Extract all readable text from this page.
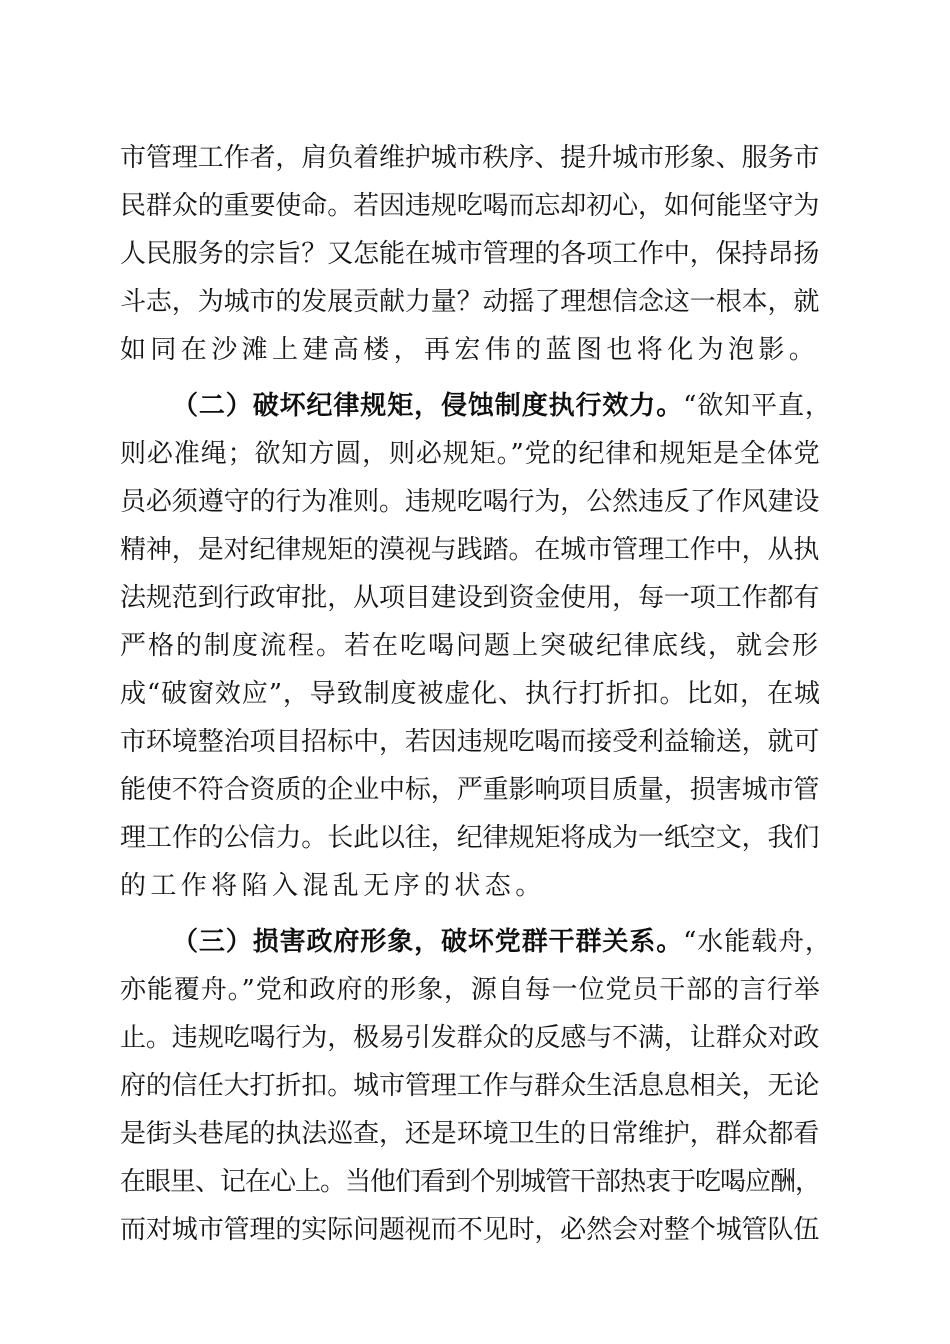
市管理工作者，肩负着维护城市秩序、提升城市形象、服务市
民群众的重要使命。若因违规吃喝而忘却初心，如何能坚守为
人民服务的宗旨？又怎能在城市管理的各项工作中，保持昂扬
斗志，为城市的发展贡献力量？动摇了理想信念这一根本，就
如同在沙滩上建高楼，再宏伟的蓝图也将化为泡影。
（二）破坏纪律规矩，侵蚀制度执行效力。“欲知平直，
则必准绳；欲知方圆，则必规矩。”党的纪律和规矩是全体党
员必须遵守的行为准则。违规吃喝行为，公然违反了作风建设
精神，是对纪律规矩的漠视与践踏。在城市管理工作中，从执
法规范到行政审批，从项目建设到资金使用，每一项工作都有
严格的制度流程。若在吃喝问题上突破纪律底线，就会形
成“破窗效应”，导致制度被虚化、执行打折扣。比如，在城
市环境整治项目招标中，若因违规吃喝而接受利益输送，就可
能使不符合资质的企业中标，严重影响项目质量，损害城市管
理工作的公信力。长此以往，纪律规矩将成为一纸空文，我们
的工作将陷入混乱无序的状态。
（三）损害政府形象，破坏党群干群关系。“水能载舟，
亦能覆舟。”党和政府的形象，源自每一位党员干部的言行举
止。违规吃喝行为，极易引发群众的反感与不满，让群众对政
府的信任大打折扣。城市管理工作与群众生活息息相关，无论
是街头巷尾的执法巡查，还是环境卫生的日常维护，群众都看
在眼里、记在心上。当他们看到个别城管干部热衷于吃喝应酬，
而对城市管理的实际问题视而不见时，必然会对整个城管队伍
